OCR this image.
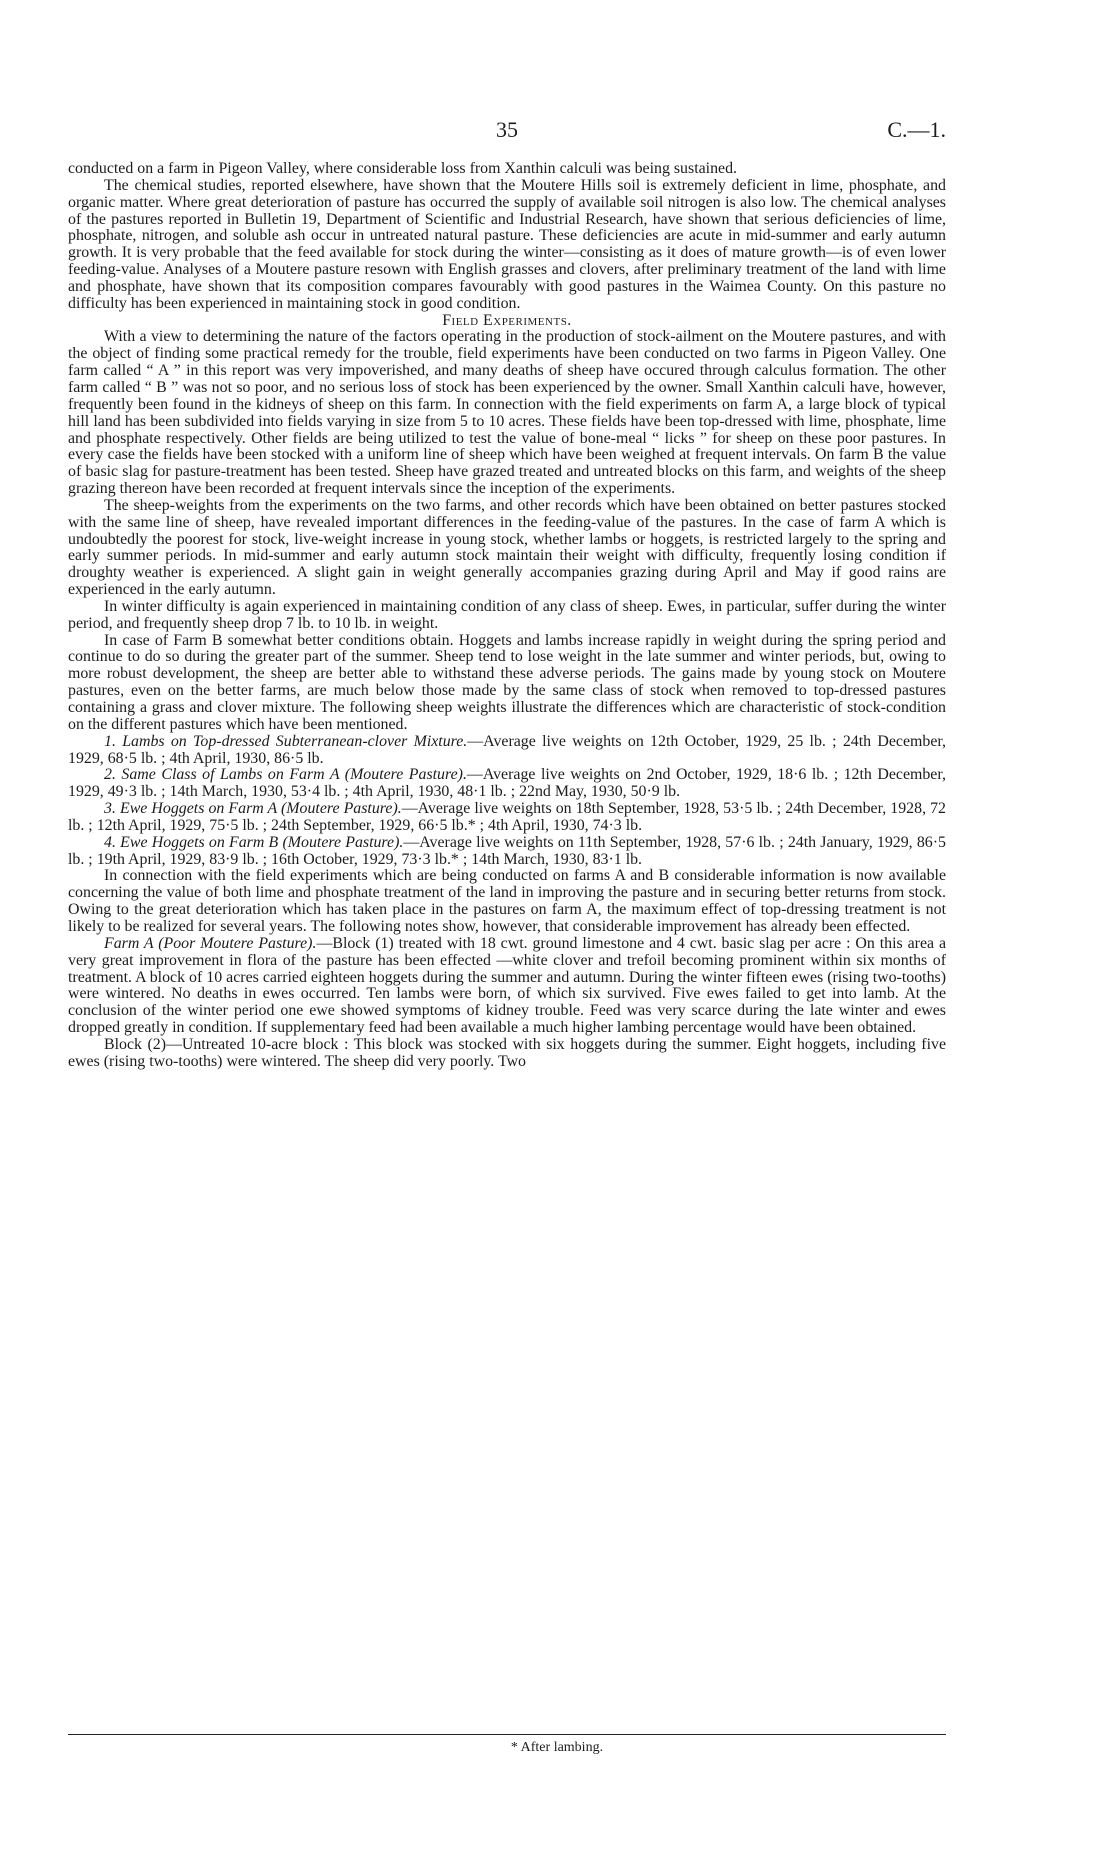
35	C.—1.

conducted on a farm in Pigeon Valley, where considerable loss from Xanthin calculi was being sustained.

The chemical studies, reported elsewhere, have shown that the Moutere Hills soil is extremely deficient in lime, phosphate, and organic matter. Where great deterioration of pasture has occurred the supply of available soil nitrogen is also low. The chemical analyses of the pastures reported in Bulletin 19, Department of Scientific and Industrial Research, have shown that serious deficiencies of lime, phosphate, nitrogen, and soluble ash occur in untreated natural pasture. These deficiencies are acute in mid-summer and early autumn growth. It is very probable that the feed available for stock during the winter—consisting as it does of mature growth—is of even lower feeding-value. Analyses of a Moutere pasture resown with English grasses and clovers, after preliminary treatment of the land with lime and phosphate, have shown that its composition compares favourably with good pastures in the Waimea County. On this pasture no difficulty has been experienced in maintaining stock in good condition.

Field Experiments.

With a view to determining the nature of the factors operating in the production of stock-ailment on the Moutere pastures, and with the object of finding some practical remedy for the trouble, field experiments have been conducted on two farms in Pigeon Valley. One farm called “ A ” in this report was very impoverished, and many deaths of sheep have occured through calculus formation. The other farm called “ B ” was not so poor, and no serious loss of stock has been experienced by the owner. Small Xanthin calculi have, however, frequently been found in the kidneys of sheep on this farm. In connection with the field experiments on farm A, a large block of typical hill land has been subdivided into fields varying in size from 5 to 10 acres. These fields have been top-dressed with lime, phosphate, lime and phosphate respectively. Other fields are being utilized to test the value of bone-meal “ licks ” for sheep on these poor pastures. In every case the fields have been stocked with a uniform line of sheep which have been weighed at frequent intervals. On farm B the value of basic slag for pasture-treatment has been tested. Sheep have grazed treated and untreated blocks on this farm, and weights of the sheep grazing thereon have been recorded at frequent intervals since the inception of the experiments.

The sheep-weights from the experiments on the two farms, and other records which have been obtained on better pastures stocked with the same line of sheep, have revealed important differences in the feeding-value of the pastures. In the case of farm A which is undoubtedly the poorest for stock, live-weight increase in young stock, whether lambs or hoggets, is restricted largely to the spring and early summer periods. In mid-summer and early autumn stock maintain their weight with difficulty, frequently losing condition if droughty weather is experienced. A slight gain in weight generally accompanies grazing during April and May if good rains are experienced in the early autumn.

In winter difficulty is again experienced in maintaining condition of any class of sheep. Ewes, in particular, suffer during the winter period, and frequently sheep drop 7 lb. to 10 lb. in weight.

In case of Farm B somewhat better conditions obtain. Hoggets and lambs increase rapidly in weight during the spring period and continue to do so during the greater part of the summer. Sheep tend to lose weight in the late summer and winter periods, but, owing to more robust development, the sheep are better able to withstand these adverse periods. The gains made by young stock on Moutere pastures, even on the better farms, are much below those made by the same class of stock when removed to top-dressed pastures containing a grass and clover mixture. The following sheep weights illustrate the differences which are characteristic of stock-condition on the different pastures which have been mentioned.

1. Lambs on Top-dressed Subterranean-clover Mixture.—Average live weights on 12th October, 1929, 25 lb. ; 24th December, 1929, 68·5 lb. ; 4th April, 1930, 86·5 lb.

2. Same Class of Lambs on Farm A (Moutere Pasture).—Average live weights on 2nd October, 1929, 18·6 lb. ; 12th December, 1929, 49·3 lb. ; 14th March, 1930, 53·4 lb. ; 4th April, 1930, 48·1 lb. ; 22nd May, 1930, 50·9 lb.

3. Ewe Hoggets on Farm A (Moutere Pasture).—Average live weights on 18th September, 1928, 53·5 lb. ; 24th December, 1928, 72 lb. ; 12th April, 1929, 75·5 lb. ; 24th September, 1929, 66·5 lb.* ; 4th April, 1930, 74·3 lb.

4. Ewe Hoggets on Farm B (Moutere Pasture).—Average live weights on 11th September, 1928, 57·6 lb. ; 24th January, 1929, 86·5 lb. ; 19th April, 1929, 83·9 lb. ; 16th October, 1929, 73·3 lb.* ; 14th March, 1930, 83·1 lb.

In connection with the field experiments which are being conducted on farms A and B considerable information is now available concerning the value of both lime and phosphate treatment of the land in improving the pasture and in securing better returns from stock. Owing to the great deterioration which has taken place in the pastures on farm A, the maximum effect of top-dressing treatment is not likely to be realized for several years. The following notes show, however, that considerable improvement has already been effected.

Farm A (Poor Moutere Pasture).—Block (1) treated with 18 cwt. ground limestone and 4 cwt. basic slag per acre : On this area a very great improvement in flora of the pasture has been effected —white clover and trefoil becoming prominent within six months of treatment. A block of 10 acres carried eighteen hoggets during the summer and autumn. During the winter fifteen ewes (rising two-tooths) were wintered. No deaths in ewes occurred. Ten lambs were born, of which six survived. Five ewes failed to get into lamb. At the conclusion of the winter period one ewe showed symptoms of kidney trouble. Feed was very scarce during the late winter and ewes dropped greatly in condition. If supplementary feed had been available a much higher lambing percentage would have been obtained.

Block (2)—Untreated 10-acre block : This block was stocked with six hoggets during the summer. Eight hoggets, including five ewes (rising two-tooths) were wintered. The sheep did very poorly. Two

* After lambing.
